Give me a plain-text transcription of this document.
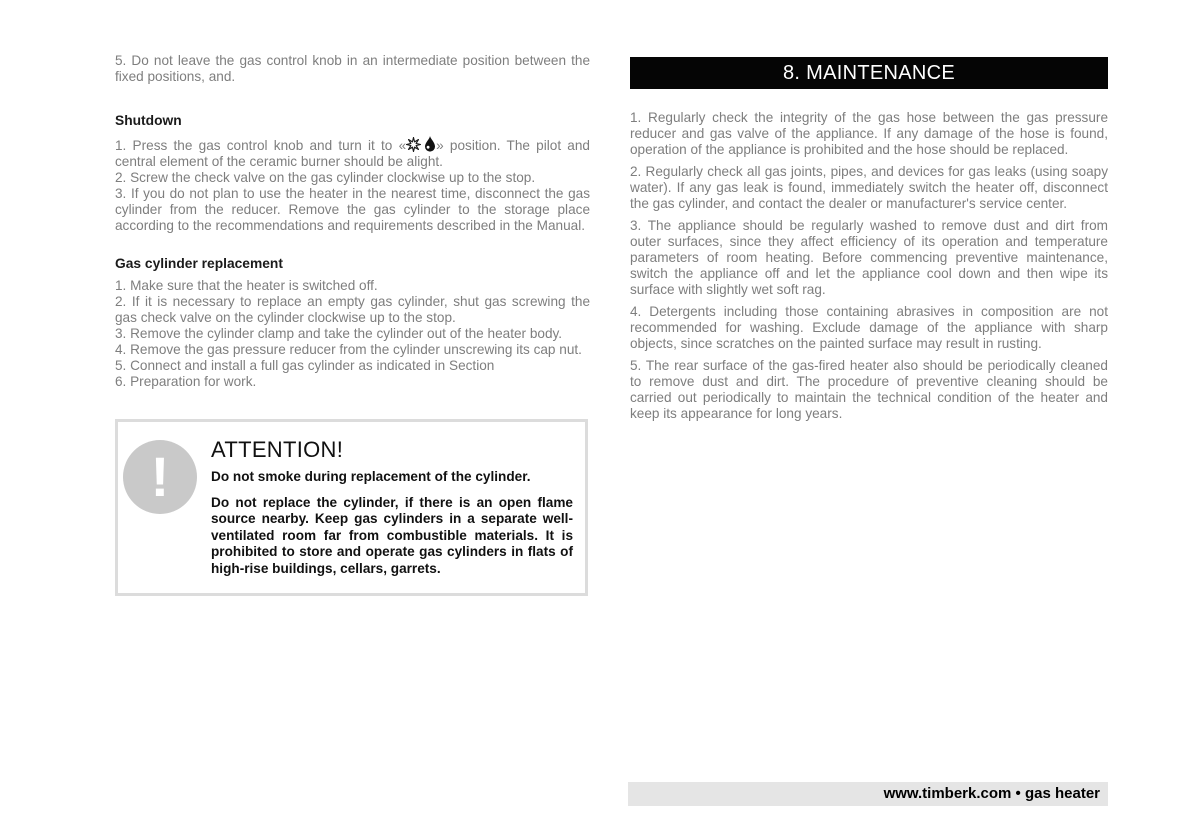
5. Do not leave the gas control knob in an intermediate position between the fixed positions, and.

Shutdown

1. Press the gas control knob and turn it to « » position. The pilot and central element of the ceramic burner should be alight.

2. Screw the check valve on the gas cylinder clockwise up to the stop.

3. If you do not plan to use the heater in the nearest time, disconnect the gas cylinder from the reducer. Remove the gas cylinder to the storage place according to the recommendations and requirements described in the Manual.

Gas cylinder replacement

1. Make sure that the heater is switched off.

2. If it is necessary to replace an empty gas cylinder, shut gas screwing the gas check valve on the cylinder clockwise up to the stop.

3. Remove the cylinder clamp and take the cylinder out of the heater body.

4. Remove the gas pressure reducer from the cylinder unscrewing its cap nut.

5. Connect and install a full gas cylinder as indicated in Section

6. Preparation for work.

!	ATTENTION!

Do not smoke during replacement of the cylinder.

Do not replace the cylinder, if there is an open flame source nearby. Keep gas cylinders in a separate well-ventilated room far from combustible materials. It is prohibited to store and operate gas cylinders in flats of high-rise buildings, cellars, garrets.

8. MAINTENANCE

1. Regularly check the integrity of the gas hose between the gas pressure reducer and gas valve of the appliance. If any damage of the hose is found, operation of the appliance is prohibited and the hose should be replaced.

2. Regularly check all gas joints, pipes, and devices for gas leaks (using soapy water). If any gas leak is found, immediately switch the heater off, disconnect the gas cylinder, and contact the dealer or manufacturer's service center.

3. The appliance should be regularly washed to remove dust and dirt from outer surfaces, since they affect efficiency of its operation and temperature parameters of room heating. Before commencing preventive maintenance, switch the appliance off and let the appliance cool down and then wipe its surface with slightly wet soft rag.

4. Detergents including those containing abrasives in composition are not recommended for washing. Exclude damage of the appliance with sharp objects, since scratches on the painted surface may result in rusting.

5. The rear surface of the gas-fired heater also should be periodically cleaned to remove dust and dirt. The procedure of preventive cleaning should be carried out periodically to maintain the technical condition of the heater and keep its appearance for long years.

www.timberk.com • gas heater
